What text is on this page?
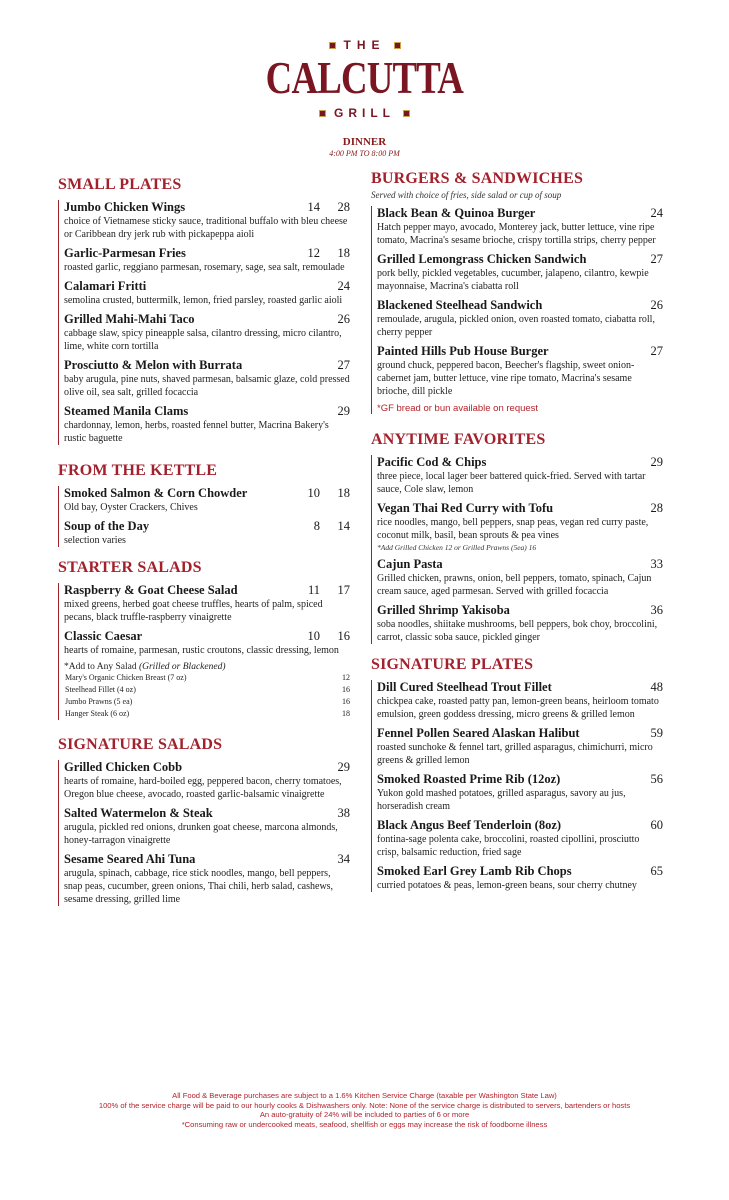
THE
CALCUTTA
GRILL
DINNER
4:00 PM TO 8:00 PM
SMALL PLATES
Jumbo Chicken Wings	14	28
choice of Vietnamese sticky sauce, traditional buffalo with bleu cheese or Caribbean dry jerk rub with pickapeppa aioli
Garlic-Parmesan Fries	12	18
roasted garlic, reggiano parmesan, rosemary, sage, sea salt, remoulade
Calamari Fritti	24
semolina crusted, buttermilk, lemon, fried parsley, roasted garlic aioli
Grilled Mahi-Mahi Taco	26
cabbage slaw, spicy pineapple salsa, cilantro dressing, micro cilantro, lime, white corn tortilla
Prosciutto & Melon with Burrata	27
baby arugula, pine nuts, shaved parmesan, balsamic glaze, cold pressed olive oil, sea salt, grilled focaccia
Steamed Manila Clams	29
chardonnay, lemon, herbs, roasted fennel butter, Macrina Bakery's rustic baguette
FROM THE KETTLE
Smoked Salmon & Corn Chowder	10	18
Old bay, Oyster Crackers, Chives
Soup of the Day	8	14
selection varies
STARTER SALADS
Raspberry & Goat Cheese Salad	11	17
mixed greens, herbed goat cheese truffles, hearts of palm, spiced pecans, black truffle-raspberry vinaigrette
Classic Caesar	10	16
hearts of romaine, parmesan, rustic croutons, classic dressing, lemon
*Add to Any Salad (Grilled or Blackened)
Mary's Organic Chicken Breast (7 oz)	12
Steelhead Fillet (4 oz)	16
Jumbo Prawns (5 ea)	16
Hanger Steak (6 oz)	18
SIGNATURE SALADS
Grilled Chicken Cobb	29
hearts of romaine, hard-boiled egg, peppered bacon, cherry tomatoes, Oregon blue cheese, avocado, roasted garlic-balsamic vinaigrette
Salted Watermelon & Steak	38
arugula, pickled red onions, drunken goat cheese, marcona almonds, honey-tarragon vinaigrette
Sesame Seared Ahi Tuna	34
arugula, spinach, cabbage, rice stick noodles, mango, bell peppers, snap peas, cucumber, green onions, Thai chili, herb salad, cashews, sesame dressing, grilled lime
BURGERS & SANDWICHES
Served with choice of fries, side salad or cup of soup
Black Bean & Quinoa Burger	24
Hatch pepper mayo, avocado, Monterey jack, butter lettuce, vine ripe tomato, Macrina's sesame brioche, crispy tortilla strips, cherry pepper
Grilled Lemongrass Chicken Sandwich	27
pork belly, pickled vegetables, cucumber, jalapeno, cilantro, kewpie mayonnaise, Macrina's ciabatta roll
Blackened Steelhead Sandwich	26
remoulade, arugula, pickled onion, oven roasted tomato, ciabatta roll, cherry pepper
Painted Hills Pub House Burger	27
ground chuck, peppered bacon, Beecher's flagship, sweet onion-cabernet jam, butter lettuce, vine ripe tomato, Macrina's sesame brioche, dill pickle
*GF bread or bun available on request
ANYTIME FAVORITES
Pacific Cod & Chips	29
three piece, local lager beer battered quick-fried. Served with tartar sauce, Cole slaw, lemon
Vegan Thai Red Curry with Tofu	28
rice noodles, mango, bell peppers, snap peas, vegan red curry paste, coconut milk, basil, bean sprouts & pea vines
*Add Grilled Chicken 12 or Grilled Prawns (5ea) 16
Cajun Pasta	33
Grilled chicken, prawns, onion, bell peppers, tomato, spinach, Cajun cream sauce, aged parmesan. Served with grilled focaccia
Grilled Shrimp Yakisoba	36
soba noodles, shiitake mushrooms, bell peppers, bok choy, broccolini, carrot, classic soba sauce, pickled ginger
SIGNATURE PLATES
Dill Cured Steelhead Trout Fillet	48
chickpea cake, roasted patty pan, lemon-green beans, heirloom tomato emulsion, green goddess dressing, micro greens & grilled lemon
Fennel Pollen Seared Alaskan Halibut	59
roasted sunchoke & fennel tart, grilled asparagus, chimichurri, micro greens & grilled lemon
Smoked Roasted Prime Rib (12oz)	56
Yukon gold mashed potatoes, grilled asparagus, savory au jus, horseradish cream
Black Angus Beef Tenderloin (8oz)	60
fontina-sage polenta cake, broccolini, roasted cipollini, prosciutto crisp, balsamic reduction, fried sage
Smoked Earl Grey Lamb Rib Chops	65
curried potatoes & peas, lemon-green beans, sour cherry chutney
All Food & Beverage purchases are subject to a 1.6% Kitchen Service Charge (taxable per Washington State Law)
100% of the service charge will be paid to our hourly cooks & Dishwashers only. Note: None of the service charge is distributed to servers, bartenders or hosts
An auto-gratuity of 24% will be included to parties of 6 or more
*Consuming raw or undercooked meats, seafood, shellfish or eggs may increase the risk of foodborne illness
